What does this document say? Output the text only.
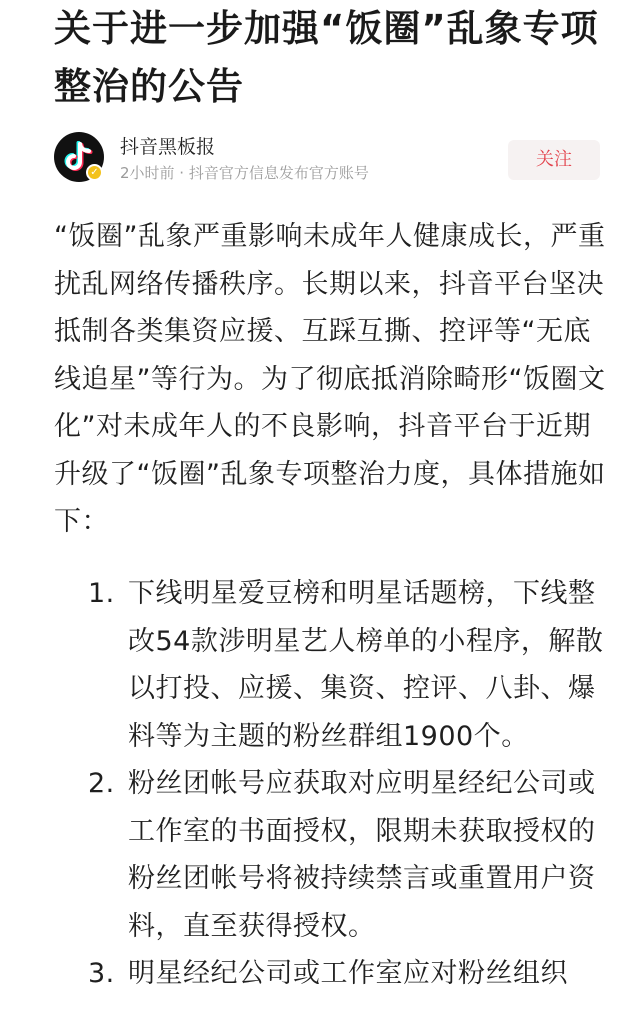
关于进一步加强“饭圈”乱象专项整治的公告
✓
抖音黑板报
2小时前 · 抖音官方信息发布官方账号
关注
“饭圈”乱象严重影响未成年人健康成长，严重扰乱网络传播秩序。长期以来，抖音平台坚决抵制各类集资应援、互踩互撕、控评等“无底线追星”等行为。为了彻底抵消除畸形“饭圈文化”对未成年人的不良影响，抖音平台于近期升级了“饭圈”乱象专项整治力度，具体措施如下：
1. 下线明星爱豆榜和明星话题榜，下线整改54款涉明星艺人榜单的小程序，解散以打投、应援、集资、控评、八卦、爆料等为主题的粉丝群组1900个。
2. 粉丝团帐号应获取对应明星经纪公司或工作室的书面授权，限期未获取授权的粉丝团帐号将被持续禁言或重置用户资料，直至获得授权。
3. 明星经纪公司或工作室应对粉丝组织
